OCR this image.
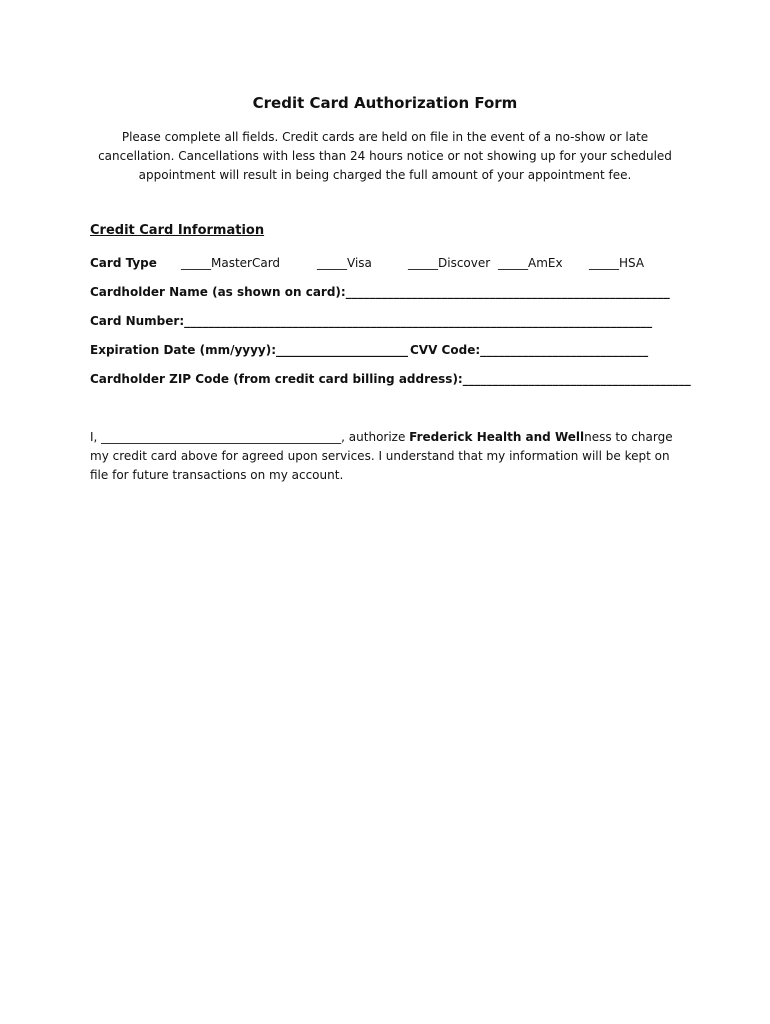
Credit Card Authorization Form
Please complete all fields. Credit cards are held on file in the event of a no-show or late cancellation. Cancellations with less than 24 hours notice or not showing up for your scheduled appointment will result in being charged the full amount of your appointment fee.
Credit Card Information
Card Type _____MasterCard	_____Visa	_____Discover _____AmEx _____HSA
Cardholder Name (as shown on card):______________________________________________________
Card Number:______________________________________________________________________________
Expiration Date (mm/yyyy):______________________ CVV Code:____________________________
Cardholder ZIP Code (from credit card billing address):______________________________________
I, ________________________________________, authorize Frederick Health and Wellness to charge my credit card above for agreed upon services. I understand that my information will be kept on file for future transactions on my account.
